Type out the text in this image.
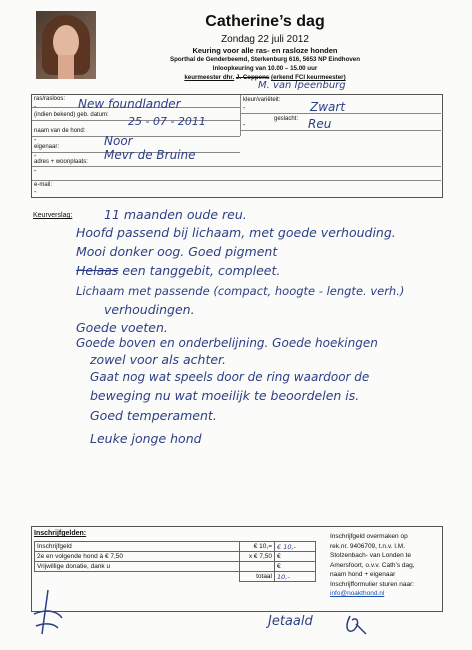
Catherine’s dag
Zondag 22 juli 2012
Keuring voor alle ras- en rasloze honden
Sporthal de Genderbeemd, Sterkenburg 616, 5653 NP Eindhoven
Inloopkeuring van 10.00 – 15.00 uur
keurmeester dhr. J. Coppens (erkend FCI keurmeester)
M. van Ipeenburg
ras/rasloos:
-	New foundlander
(indien bekend) geb. datum: 25 - 07 - 2011
kleur/variëteit:
-	Zwart
geslacht:
-	Reu
naam van de hond:
-	Noor
eigenaar:
-	Mevr de Bruine
adres + woonplaats:
-
e-mail:
-
Keurverslag:	11 maanden oude reu.
Hoofd passend bij lichaam, met goede verhouding.
Mooi donker oog. Goed pigment
Helaas een tanggebit, compleet.
Lichaam met passende (compact, hoogte - lengte. verh.)
verhoudingen.
Goede voeten.
Goede boven en onderbelijning. Goede hoekingen
zowel voor als achter.
Gaat nog wat speels door de ring waardoor de
beweging nu wat moeilijk te beoordelen is.
Goed temperament.
Leuke jonge hond
Inschrijfgelden:
Inschrijfgeld	€ 10,=	€ 10,-
2e en volgende hond à € 7,50	x € 7,50	€
Vrijwillige donatie, dank u		€
	totaal	10,-
Inschrijfgeld overmaken op
rek.nr. 9406709, t.n.v. I.M.
Stolzenbach- van Londen te
Amersfoort, o.v.v. Cath’s dag,
naam hond + eigenaar
Inschrijfformulier sturen naar:
info@noakthond.nl
Jetaald
